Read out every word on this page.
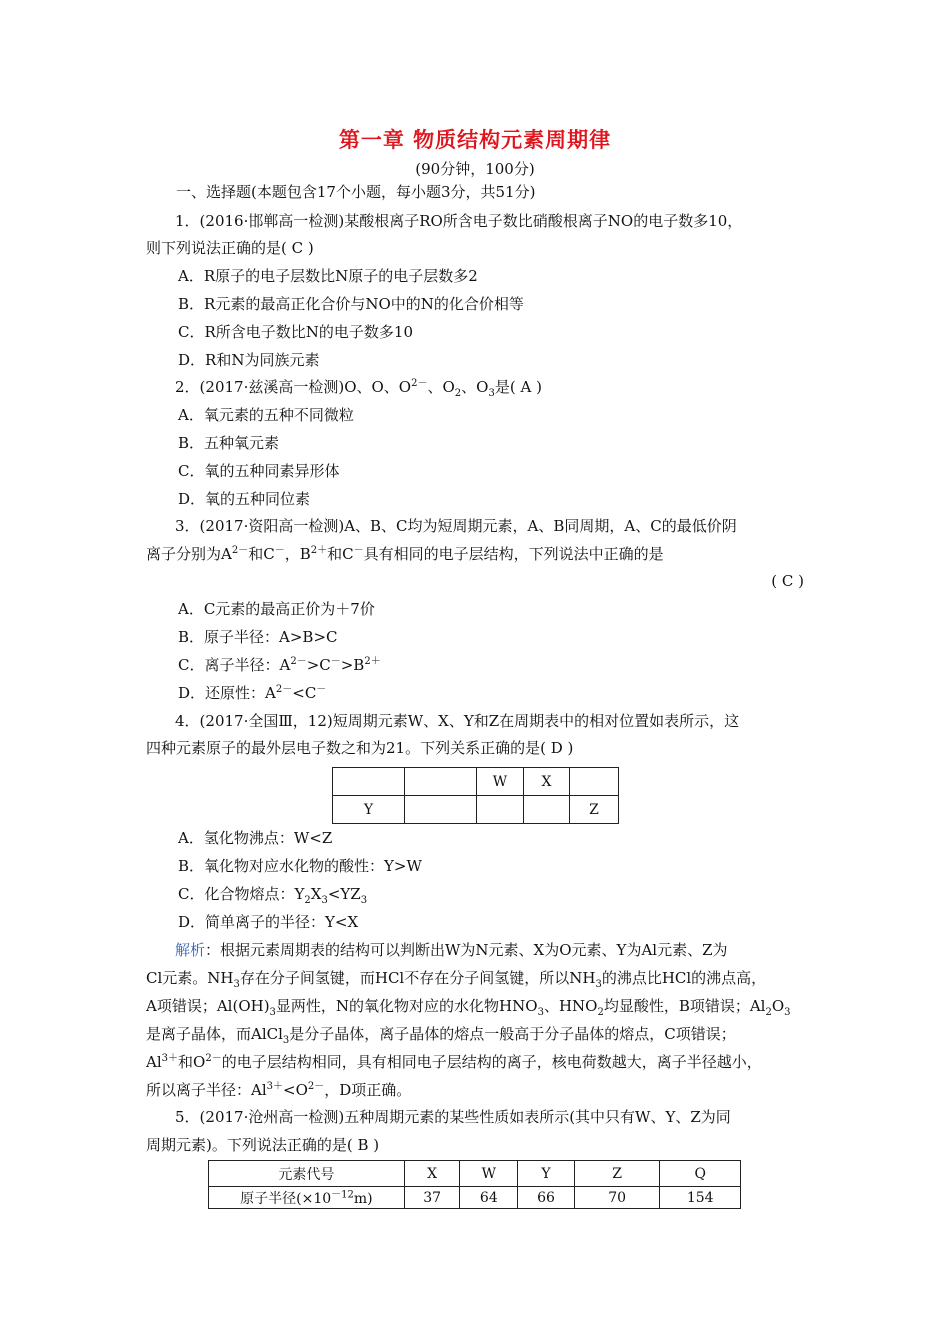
第一章 物质结构元素周期律
(90分钟，100分)
一、选择题(本题包含17个小题，每小题3分，共51分)
1．(2016·邯郸高一检测)某酸根离子RO所含电子数比硝酸根离子NO的电子数多10，
则下列说法正确的是( C )
A．R原子的电子层数比N原子的电子层数多2
B．R元素的最高正化合价与NO中的N的化合价相等
C．R所含电子数比N的电子数多10
D．R和N为同族元素
2．(2017·兹溪高一检测)O、O、$O^{2-}$、$O_2$、$O_3$是( A )
A．氧元素的五种不同微粒
B．五种氧元素
C．氧的五种同素异形体
D．氧的五种同位素
3．(2017·资阳高一检测)A、B、C均为短周期元素，A、B同周期，A、C的最低价阴
离子分别为$A^{2-}$和C－，$B^{2+}$和C－具有相同的电子层结构，下列说法中正确的是
( C )
A．C元素的最高正价为＋7价
B．原子半径：A>B>C
C．离子半径：$A^{2-}>C^->B^{2+}$
D．还原性：$A^{2-}<C^-$
4．(2017·全国Ⅲ，12)短周期元素W、X、Y和Z在周期表中的相对位置如表所示，这
四种元素原子的最外层电子数之和为21。下列关系正确的是( D )
		W	X	
Y				Z
A．氢化物沸点：W<Z
B．氧化物对应水化物的酸性：Y>W
C．化合物熔点：$Y_2X_3<YZ_3$
D．简单离子的半径：Y<X
解析：根据元素周期表的结构可以判断出W为N元素、X为O元素、Y为Al元素、Z为
Cl元素。$NH_3$存在分子间氢键，而HCl不存在分子间氢键，所以$NH_3$的沸点比HCl的沸点高，
A项错误；$Al(OH)_3$显两性，N的氧化物对应的水化物$HNO_3$、$HNO_2$均显酸性，B项错误；$Al_2O_3$
是离子晶体，而AlCl$_3$是分子晶体，离子晶体的熔点一般高于分子晶体的熔点，C项错误；
$Al^{3+}$和$O^{2-}$的电子层结构相同，具有相同电子层结构的离子，核电荷数越大，离子半径越小，
所以离子半径：$Al^{3+}<O^{2-}$，D项正确。
5．(2017·沧州高一检测)五种周期元素的某些性质如表所示(其中只有W、Y、Z为同
周期元素)。下列说法正确的是( B )
元素代号	X	W	Y	Z	Q
原子半径$(\times 10^{-12}m)$	37	64	66	70	154
